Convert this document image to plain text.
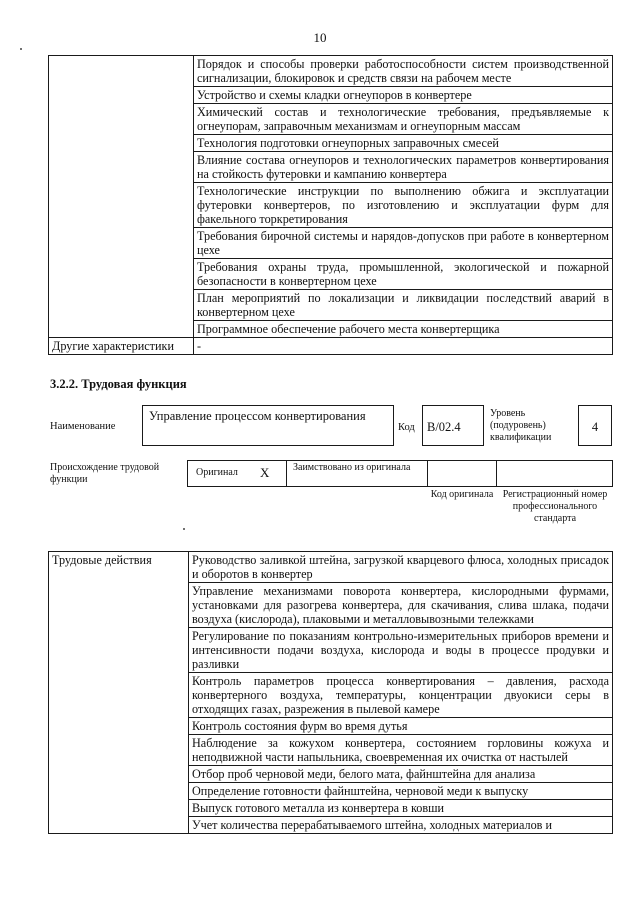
10
	Порядок и способы проверки работоспособности систем производственной сигнализации, блокировок и средств связи на рабочем месте
	Устройство и схемы кладки огнеупоров в конвертере
	Химический состав и технологические требования, предъявляемые к огнеупорам, заправочным механизмам и огнеупорным массам
	Технология подготовки огнеупорных заправочных смесей
	Влияние состава огнеупоров и технологических параметров конвертирования на стойкость футеровки и кампанию конвертера
	Технологические инструкции по выполнению обжига и эксплуатации футеровки конвертеров, по изготовлению и эксплуатации фурм для факельного торкретирования
	Требования бирочной системы и нарядов-допусков при работе в конвертерном цехе
	Требования охраны труда, промышленной, экологической и пожарной безопасности в конвертерном цехе
	План мероприятий по локализации и ликвидации последствий аварий в конвертерном цехе
	Программное обеспечение рабочего места конвертерщика
Другие характеристики	-
3.2.2. Трудовая функция
Наименование
Управление процессом конвертирования
Код В/02.4
Уровень (подуровень) квалификации
4
Происхождение трудовой функции
Оригинал X Заимствовано из оригинала
Код оригинала Регистрационный номер профессионального стандарта
Трудовые действия	Руководство заливкой штейна, загрузкой кварцевого флюса, холодных присадок и оборотов в конвертер
Управление механизмами поворота конвертера, кислородными фурмами, установками для разогрева конвертера, для скачивания, слива шлака, подачи воздуха (кислорода), плаковыми и металловывозными тележками
Регулирование по показаниям контрольно-измерительных приборов времени и интенсивности подачи воздуха, кислорода и воды в процессе продувки и разливки
Контроль параметров процесса конвертирования – давления, расхода конвертерного воздуха, температуры, концентрации двуокиси серы в отходящих газах, разрежения в пылевой камере
Контроль состояния фурм во время дутья
Наблюдение за кожухом конвертера, состоянием горловины кожуха и неподвижной части напыльника, своевременная их очистка от настылей
Отбор проб черновой меди, белого мата, файнштейна для анализа
Определение готовности файнштейна, черновой меди к выпуску
Выпуск готового металла из конвертера в ковши
Учет количества перерабатываемого штейна, холодных материалов и
